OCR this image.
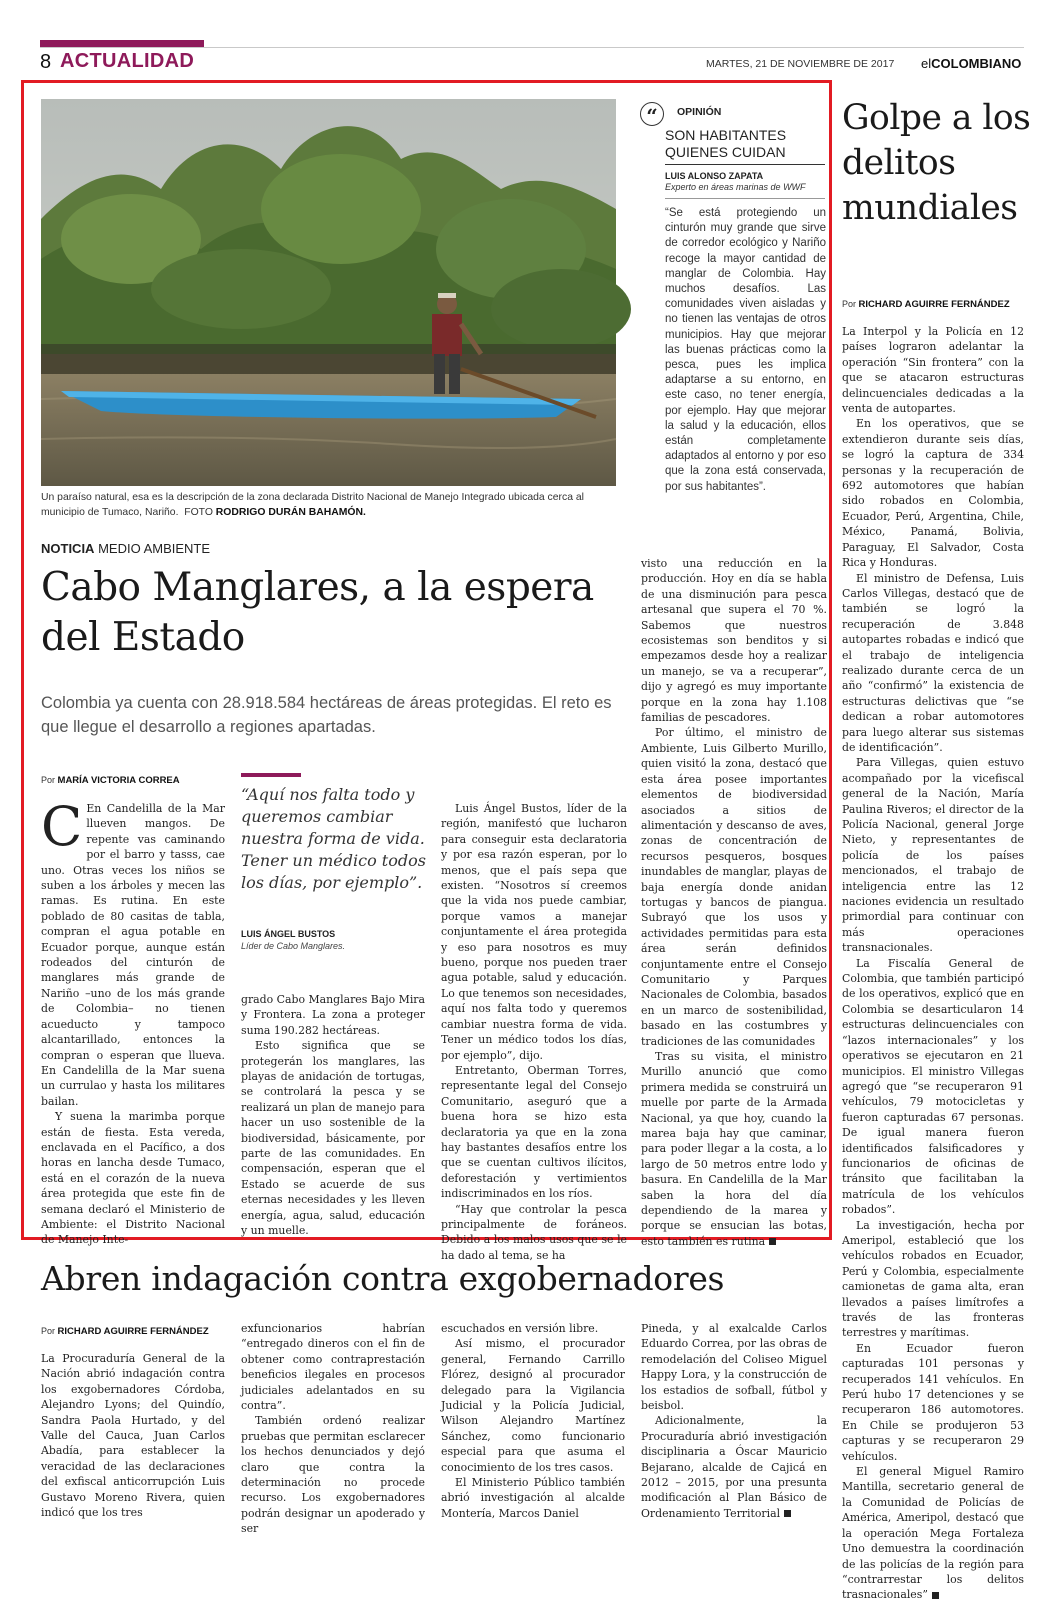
8 ACTUALIDAD	MARTES, 21 DE NOVIEMBRE DE 2017 elCOLOMBIANO
Un paraíso natural, esa es la descripción de la zona declarada Distrito Nacional de Manejo Integrado ubicada cerca al municipio de Tumaco, Nariño. FOTO RODRIGO DURÁN BAHAMÓN.
“	OPINIÓN
SON HABITANTES QUIENES CUIDAN
LUIS ALONSO ZAPATA
Experto en áreas marinas de WWF
“Se está protegiendo un cinturón muy grande que sirve de corredor ecológico y Nariño recoge la mayor cantidad de manglar de Colombia. Hay muchos desafíos. Las comunidades viven aisladas y no tienen las ventajas de otros municipios. Hay que mejorar las buenas prácticas como la pesca, pues les implica adaptarse a su entorno, en este caso, no tener energía, por ejemplo. Hay que mejorar la salud y la educación, ellos están completamente adaptados al entorno y por eso que la zona está conservada, por sus habitantes”.
NOTICIA MEDIO AMBIENTE
Cabo Manglares, a la espera del Estado
Colombia ya cuenta con 28.918.584 hectáreas de áreas protegidas. El reto es que llegue el desarrollo a regiones apartadas.
Por MARÍA VICTORIA CORREA

C En Candelilla de la Mar llueven mangos. De repente vas caminando por el barro y tasss, cae uno. Otras veces los niños se suben a los árboles y mecen las ramas. Es rutina. En este poblado de 80 casitas de tabla, compran el agua potable en Ecuador porque, aunque están rodeados del cinturón de manglares más grande de Nariño –uno de los más grande de Colombia– no tienen acueducto y tampoco alcantarillado, entonces la compran o esperan que llueva. En Candelilla de la Mar suena un currulao y hasta los militares bailan.

Y suena la marimba porque están de fiesta. Esta vereda, enclavada en el Pacífico, a dos horas en lancha desde Tumaco, está en el corazón de la nueva área protegida que este fin de semana declaró el Ministerio de Ambiente: el Distrito Nacional de Manejo Inte-

“Aquí nos falta todo y queremos cambiar nuestra forma de vida. Tener un médico todos los días, por ejemplo”.
LUIS ÁNGEL BUSTOS
Líder de Cabo Manglares.

grado Cabo Manglares Bajo Mira y Frontera. La zona a proteger suma 190.282 hectáreas.

Esto significa que se protegerán los manglares, las playas de anidación de tortugas, se controlará la pesca y se realizará un plan de manejo para hacer un uso sostenible de la biodiversidad, básicamente, por parte de las comunidades. En compensación, esperan que el Estado se acuerde de sus eternas necesidades y les lleven energía, agua, salud, educación y un muelle.

Luis Ángel Bustos, líder de la región, manifestó que lucharon para conseguir esta declaratoria y por esa razón esperan, por lo menos, que el país sepa que existen. “Nosotros sí creemos que la vida nos puede cambiar, porque vamos a manejar conjuntamente el área protegida y eso para nosotros es muy bueno, porque nos pueden traer agua potable, salud y educación. Lo que tenemos son necesidades, aquí nos falta todo y queremos cambiar nuestra forma de vida. Tener un médico todos los días, por ejemplo”, dijo.

Entretanto, Oberman Torres, representante legal del Consejo Comunitario, aseguró que a buena hora se hizo esta declaratoria ya que en la zona hay bastantes desafíos entre los que se cuentan cultivos ilícitos, deforestación y vertimientos indiscriminados en los ríos.

“Hay que controlar la pesca principalmente de foráneos. Debido a los malos usos que se le ha dado al tema, se ha

visto una reducción en la producción. Hoy en día se habla de una disminución para pesca artesanal que supera el 70 %. Sabemos que nuestros ecosistemas son benditos y si empezamos desde hoy a realizar un manejo, se va a recuperar”, dijo y agregó es muy importante porque en la zona hay 1.108 familias de pescadores.

Por último, el ministro de Ambiente, Luis Gilberto Murillo, quien visitó la zona, destacó que esta área posee importantes elementos de biodiversidad asociados a sitios de alimentación y descanso de aves, zonas de concentración de recursos pesqueros, bosques inundables de manglar, playas de baja energía donde anidan tortugas y bancos de piangua. Subrayó que los usos y actividades permitidas para esta área serán definidos conjuntamente entre el Consejo Comunitario y Parques Nacionales de Colombia, basados en un marco de sostenibilidad, basado en las costumbres y tradiciones de las comunidades

Tras su visita, el ministro Murillo anunció que como primera medida se construirá un muelle por parte de la Armada Nacional, ya que hoy, cuando la marea baja hay que caminar, para poder llegar a la costa, a lo largo de 50 metros entre lodo y basura. En Candelilla de la Mar saben la hora del día dependiendo de la marea y porque se ensucian las botas, esto también es rutina

Golpe a los delitos mundiales
Por RICHARD AGUIRRE FERNÁNDEZ

La Interpol y la Policía en 12 países lograron adelantar la operación “Sin frontera” con la que se atacaron estructuras delincuenciales dedicadas a la venta de autopartes.

En los operativos, que se extendieron durante seis días, se logró la captura de 334 personas y la recuperación de 692 automotores que habían sido robados en Colombia, Ecuador, Perú, Argentina, Chile, México, Panamá, Bolivia, Paraguay, El Salvador, Costa Rica y Honduras.

El ministro de Defensa, Luis Carlos Villegas, destacó que de también se logró la recuperación de 3.848 autopartes robadas e indicó que el trabajo de inteligencia realizado durante cerca de un año “confirmó” la existencia de estructuras delictivas que “se dedican a robar automotores para luego alterar sus sistemas de identificación”.

Para Villegas, quien estuvo acompañado por la vicefiscal general de la Nación, María Paulina Riveros; el director de la Policía Nacional, general Jorge Nieto, y representantes de policía de los países mencionados, el trabajo de inteligencia entre las 12 naciones evidencia un resultado primordial para continuar con más operaciones transnacionales.

La Fiscalía General de Colombia, que también participó de los operativos, explicó que en Colombia se desarticularon 14 estructuras delincuenciales con “lazos internacionales” y los operativos se ejecutaron en 21 municipios. El ministro Villegas agregó que “se recuperaron 91 vehículos, 79 motocicletas y fueron capturadas 67 personas. De igual manera fueron identificados falsificadores y funcionarios de oficinas de tránsito que facilitaban la matrícula de los vehículos robados”.

La investigación, hecha por Ameripol, estableció que los vehículos robados en Ecuador, Perú y Colombia, especialmente camionetas de gama alta, eran llevados a países limítrofes a través de las fronteras terrestres y marítimas.

En Ecuador fueron capturadas 101 personas y recuperados 141 vehículos. En Perú hubo 17 detenciones y se recuperaron 186 automotores. En Chile se produjeron 53 capturas y se recuperaron 29 vehículos.

El general Miguel Ramiro Mantilla, secretario general de la Comunidad de Policías de América, Ameripol, destacó que la operación Mega Fortaleza Uno demuestra la coordinación de las policías de la región para “contrarrestar los delitos trasnacionales”

Abren indagación contra exgobernadores
Por RICHARD AGUIRRE FERNÁNDEZ

La Procuraduría General de la Nación abrió indagación contra los exgobernadores Córdoba, Alejandro Lyons; del Quindío, Sandra Paola Hurtado, y del Valle del Cauca, Juan Carlos Abadía, para establecer la veracidad de las declaraciones del exfiscal anticorrupción Luis Gustavo Moreno Rivera, quien indicó que los tres

exfuncionarios habrían “entregado dineros con el fin de obtener como contraprestación beneficios ilegales en procesos judiciales adelantados en su contra”.

También ordenó realizar pruebas que permitan esclarecer los hechos denunciados y dejó claro que contra la determinación no procede recurso. Los exgobernadores podrán designar un apoderado y ser

escuchados en versión libre.

Así mismo, el procurador general, Fernando Carrillo Flórez, designó al procurador delegado para la Vigilancia Judicial y la Policía Judicial, Wilson Alejandro Martínez Sánchez, como funcionario especial para que asuma el conocimiento de los tres casos.

El Ministerio Público también abrió investigación al alcalde Montería, Marcos Daniel

Pineda, y al exalcalde Carlos Eduardo Correa, por las obras de remodelación del Coliseo Miguel Happy Lora, y la construcción de los estadios de sofball, fútbol y beisbol.

Adicionalmente, la Procuraduría abrió investigación disciplinaria a Óscar Mauricio Bejarano, alcalde de Cajicá en 2012 – 2015, por una presunta modificación al Plan Básico de Ordenamiento Territorial
